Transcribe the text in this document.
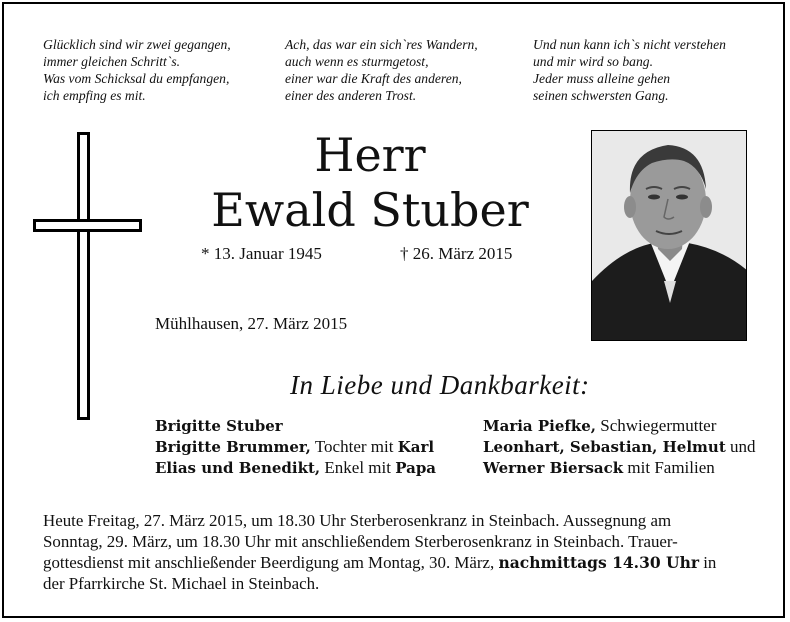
Glücklich sind wir zwei gegangen,
immer gleichen Schritt`s.
Was vom Schicksal du empfangen,
ich empfing es mit.
Ach, das war ein sich`res Wandern,
auch wenn es sturmgetost,
einer war die Kraft des anderen,
einer des anderen Trost.
Und nun kann ich`s nicht verstehen
und mir wird so bang.
Jeder muss alleine gehen
seinen schwersten Gang.
Herr
Ewald Stuber
* 13. Januar 1945	† 26. März 2015
Mühlhausen, 27. März 2015
In Liebe und Dankbarkeit:
Brigitte Stuber
Brigitte Brummer, Tochter mit Karl
Elias und Benedikt, Enkel mit Papa
Maria Piefke, Schwiegermutter
Leonhart, Sebastian, Helmut und
Werner Biersack mit Familien
Heute Freitag, 27. März 2015, um 18.30 Uhr Sterberosenkranz in Steinbach. Aussegnung am
Sonntag, 29. März, um 18.30 Uhr mit anschließendem Sterberosenkranz in Steinbach. Trauer-
gottesdienst mit anschließender Beerdigung am Montag, 30. März, nachmittags 14.30 Uhr in
der Pfarrkirche St. Michael in Steinbach.
